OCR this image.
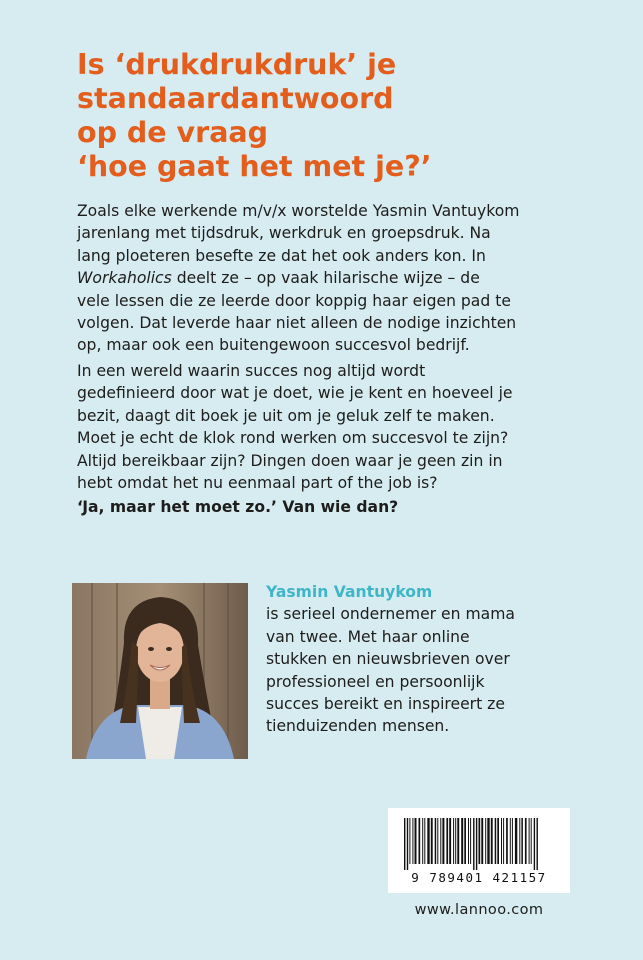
Is ‘drukdrukdruk’ je
standaardantwoord
op de vraag
‘hoe gaat het met je?’

Zoals elke werkende m/v/x worstelde Yasmin Vantuykom
jarenlang met tijdsdruk, werkdruk en groepsdruk. Na
lang ploeteren besefte ze dat het ook anders kon. In
Workaholics deelt ze – op vaak hilarische wijze – de
vele lessen die ze leerde door koppig haar eigen pad te
volgen. Dat leverde haar niet alleen de nodige inzichten
op, maar ook een buitengewoon succesvol bedrijf.

In een wereld waarin succes nog altijd wordt
gedefinieerd door wat je doet, wie je kent en hoeveel je
bezit, daagt dit boek je uit om je geluk zelf te maken.
Moet je echt de klok rond werken om succesvol te zijn?
Altijd bereikbaar zijn? Dingen doen waar je geen zin in
hebt omdat het nu eenmaal part of the job is?

‘Ja, maar het moet zo.’ Van wie dan?

Yasmin Vantuykom
is serieel ondernemer en mama
van twee. Met haar online
stukken en nieuwsbrieven over
professioneel en persoonlijk
succes bereikt en inspireert ze
tienduizenden mensen.
9 789401 421157
www.lannoo.com
